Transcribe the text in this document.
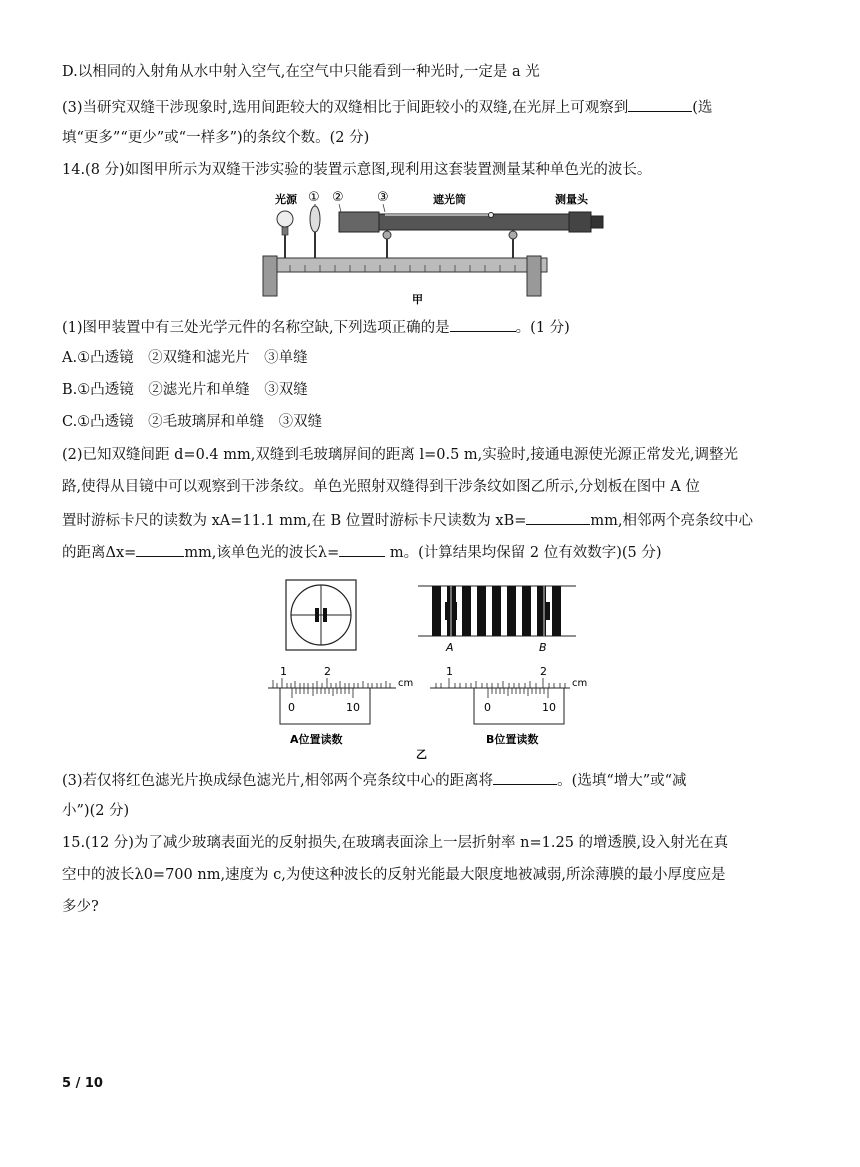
D.以相同的入射角从水中射入空气,在空气中只能看到一种光时,一定是 a 光
(3)当研究双缝干涉现象时,选用间距较大的双缝相比于间距较小的双缝,在光屏上可观察到	(选
填“更多”“更少”或“一样多”)的条纹个数。(2 分)
14.(8 分)如图甲所示为双缝干涉实验的装置示意图,现利用这套装置测量某种单色光的波长。
光源 ① ②	③	遮光筒	测量头
甲
(1)图甲装置中有三处光学元件的名称空缺,下列选项正确的是	。(1 分)
A.①凸透镜　②双缝和滤光片　③单缝
B.①凸透镜　②滤光片和单缝　③双缝
C.①凸透镜　②毛玻璃屏和单缝　③双缝
(2)已知双缝间距 d=0.4 mm,双缝到毛玻璃屏间的距离 l=0.5 m,实验时,接通电源使光源正常发光,调整光
路,使得从目镜中可以观察到干涉条纹。单色光照射双缝得到干涉条纹如图乙所示,分划板在图中 A 位
置时游标卡尺的读数为 xA=11.1 mm,在 B 位置时游标卡尺读数为 xB=	mm,相邻两个亮条纹中心
的距离Δx=	mm,该单色光的波长λ=	m。(计算结果均保留 2 位有效数字)(5 分)
A	B
1	2
cm
0	10
A位置读数
1	2
cm
0	10
B位置读数
乙
(3)若仅将红色滤光片换成绿色滤光片,相邻两个亮条纹中心的距离将	。(选填“增大”或“减
小”)(2 分)
15.(12 分)为了减少玻璃表面光的反射损失,在玻璃表面涂上一层折射率 n=1.25 的增透膜,设入射光在真
空中的波长λ0=700 nm,速度为 c,为使这种波长的反射光能最大限度地被减弱,所涂薄膜的最小厚度应是
多少?
5 / 10
